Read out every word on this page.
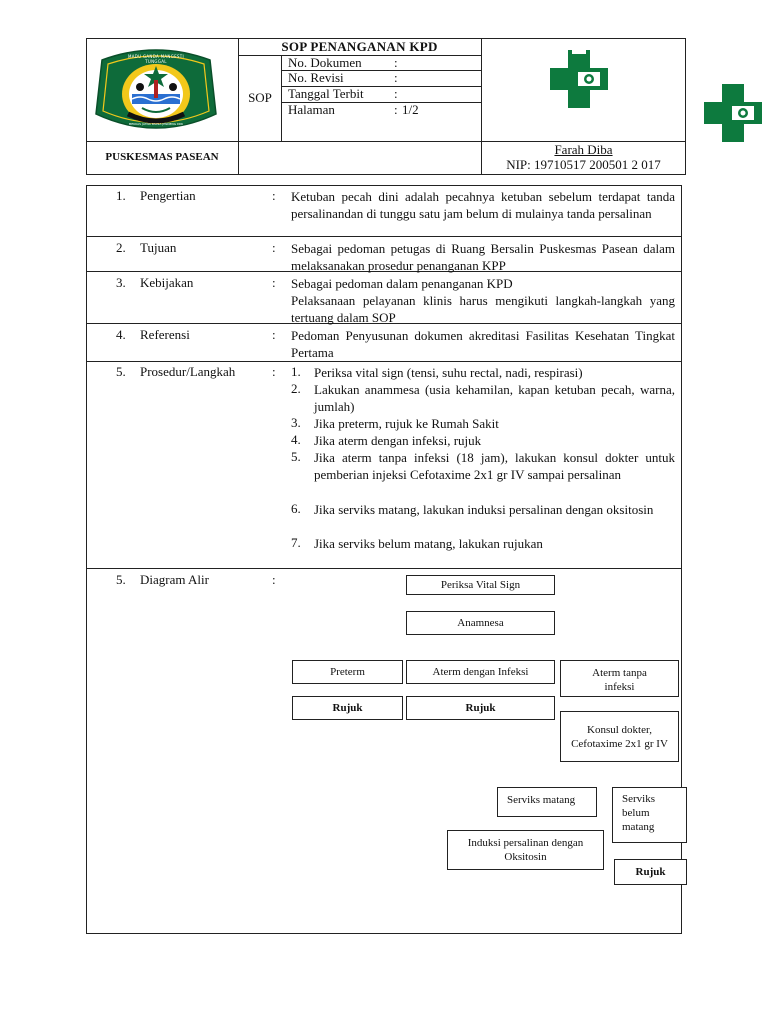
MADU GANDA MANGESTI TUNGGAL
MEKKAS JATNA PAKSA JENNENG DIRI
SOP PENANGANAN KPD
SOP
No. Dokumen :
No. Revisi	:
Tanggal Terbit :
Halaman	: 1/2
PUSKESMAS PASEAN	Farah Diba
NIP: 19710517 200501 2 017
1. Pengertian	: Ketuban pecah dini adalah pecahnya ketuban sebelum terdapat tanda persalinandan di tunggu satu jam belum di mulainya tanda persalinan
2. Tujuan	: Sebagai pedoman petugas di Ruang Bersalin Puskesmas Pasean dalam melaksanakan prosedur penanganan KPP
3. Kebijakan	: Sebagai pedoman dalam penanganan KPD
Pelaksanaan pelayanan klinis harus mengikuti langkah-langkah yang tertuang dalam SOP
4. Referensi	: Pedoman Penyusunan dokumen akreditasi Fasilitas Kesehatan Tingkat Pertama
5. Prosedur/Langkah	: 1. Periksa vital sign (tensi, suhu rectal, nadi, respirasi)
2. Lakukan anammesa (usia kehamilan, kapan ketuban pecah, warna, jumlah)
3. Jika preterm, rujuk ke Rumah Sakit
4. Jika aterm dengan infeksi, rujuk
5. Jika aterm tanpa infeksi (18 jam), lakukan konsul dokter untuk pemberian injeksi Cefotaxime 2x1 gr IV sampai persalinan
6. Jika serviks matang, lakukan induksi persalinan dengan oksitosin
7. Jika serviks belum matang, lakukan rujukan
5. Diagram Alir	:	Periksa Vital Sign
Anamnesa
Preterm	Aterm dengan Infeksi	Aterm tanpa infeksi
Rujuk	Rujuk
Konsul dokter, Cefotaxime 2x1 gr IV
Serviks matang	Serviks belum matang
Induksi persalinan dengan Oksitosin
Rujuk
